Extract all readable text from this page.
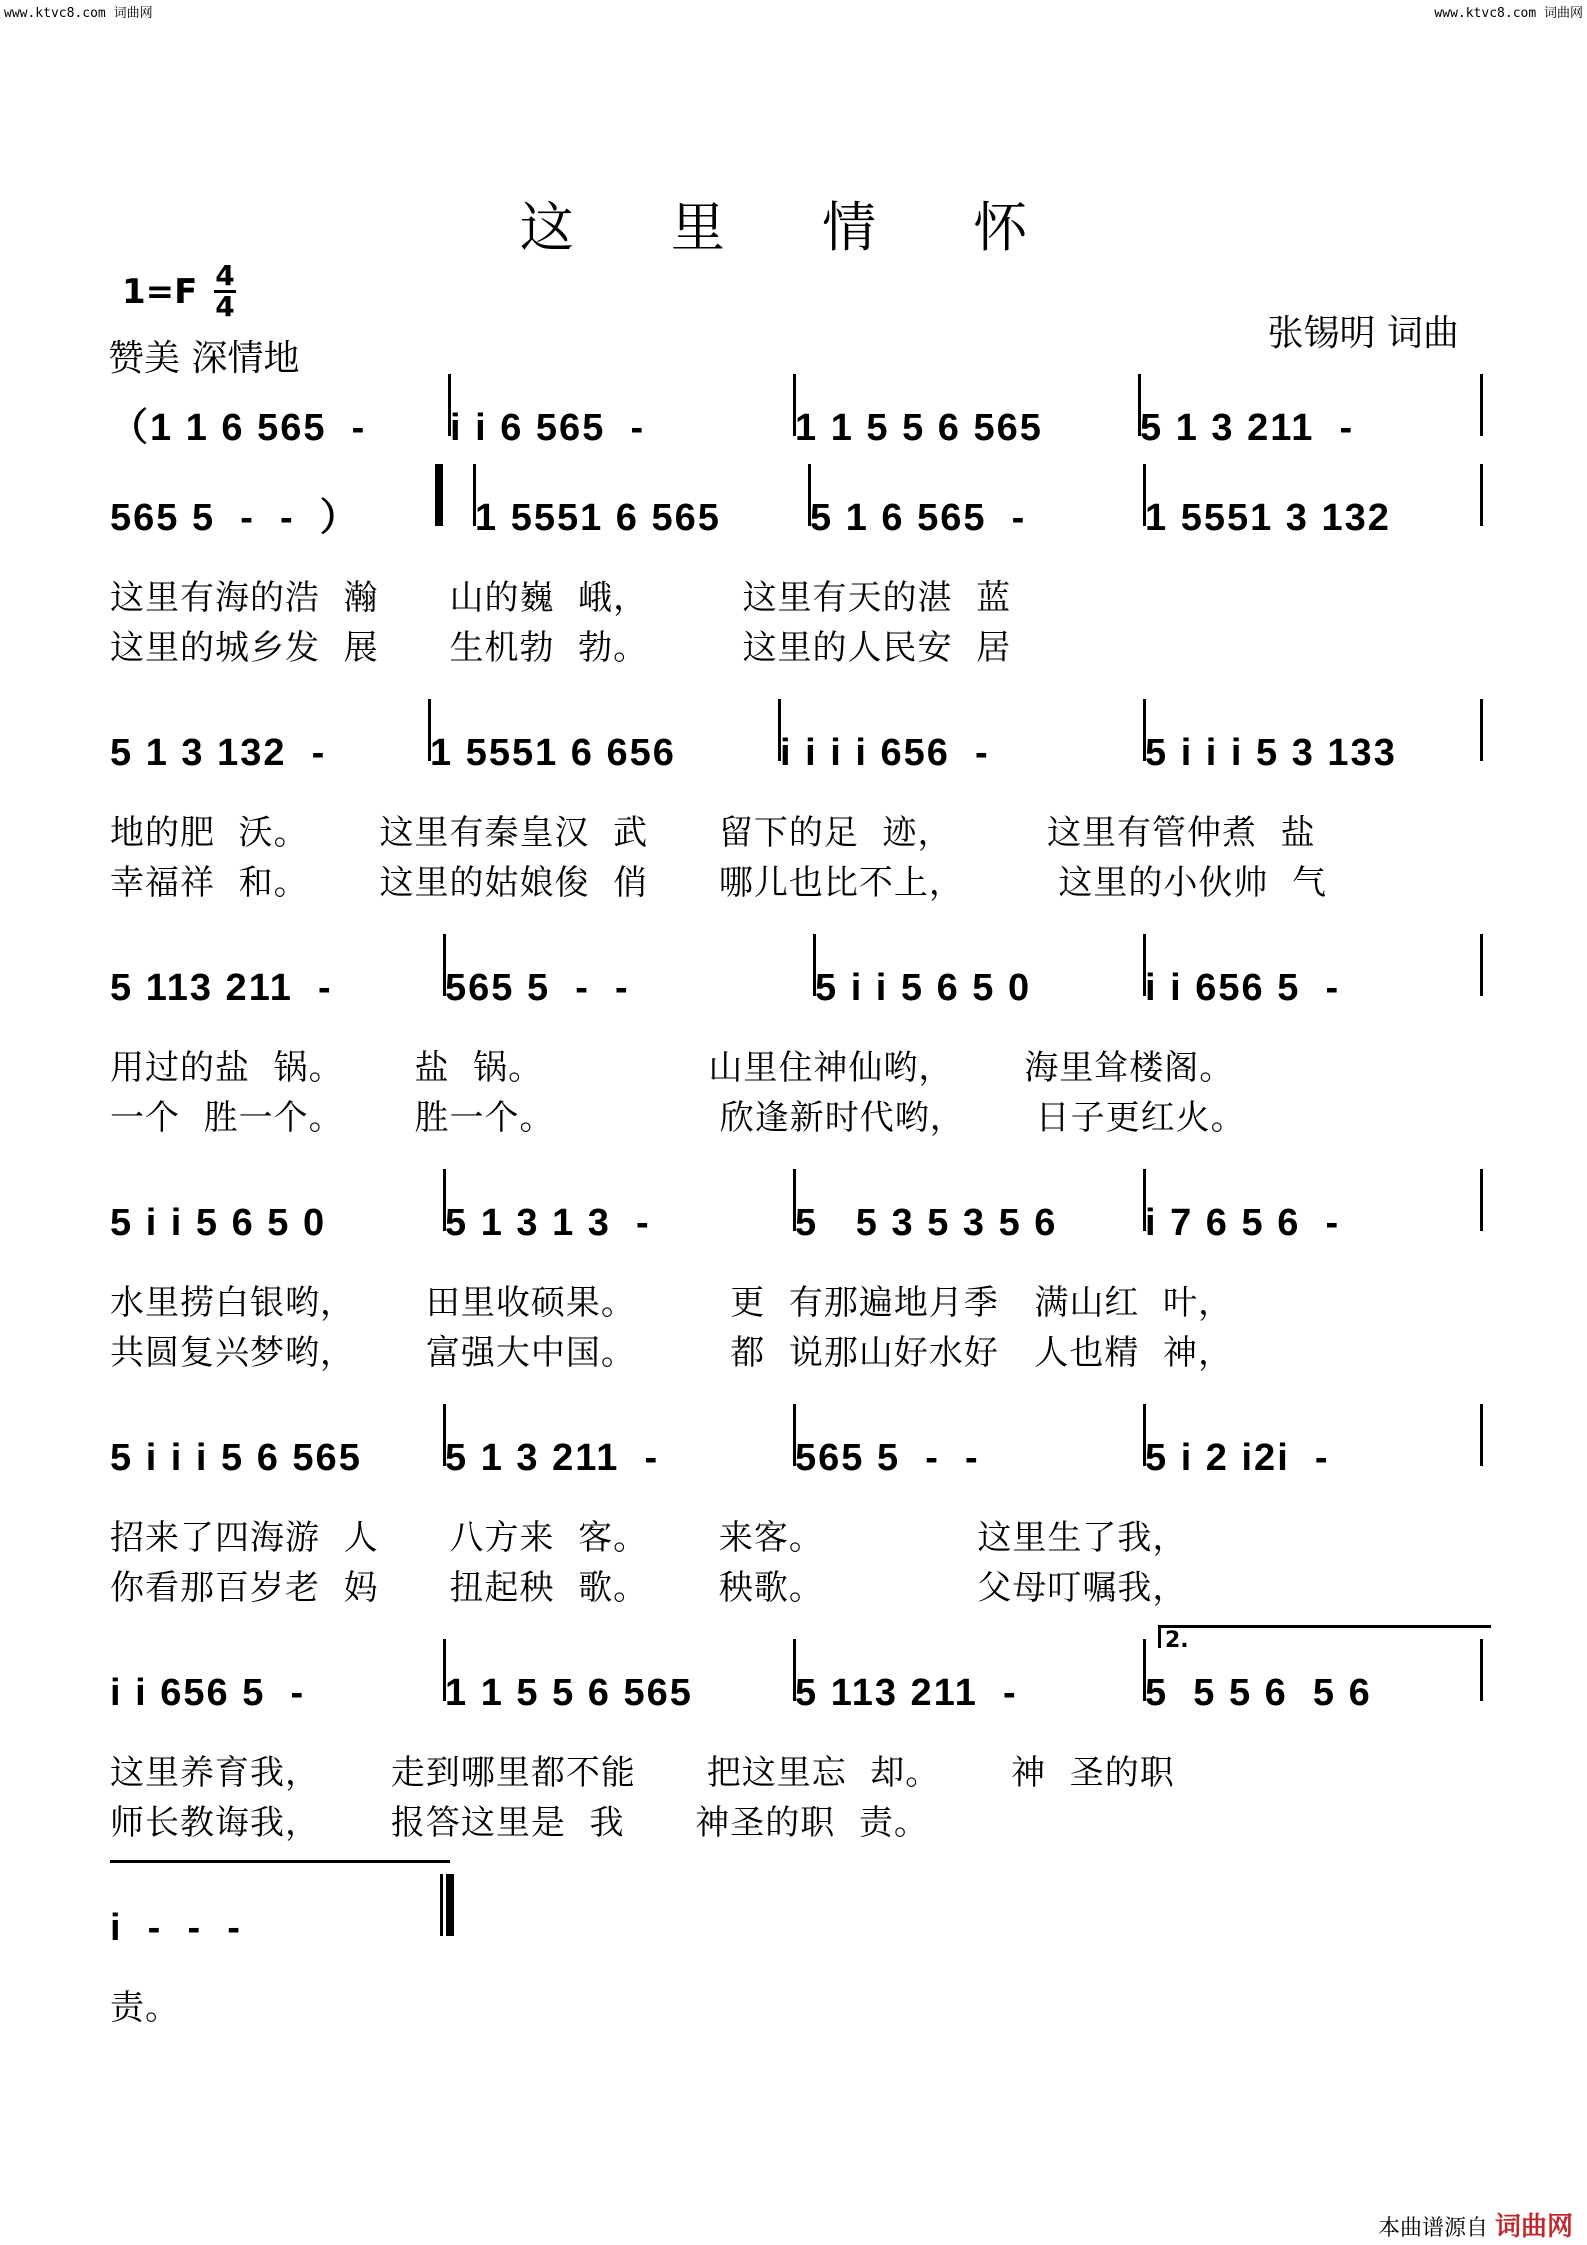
www.ktvc8.com 词曲网	www.ktvc8.com 词曲网
这 里 情 怀
1=F 4
4
赞美 深情地
张锡明 词曲
（1 1 6 565  - i i 6 565  -	1 1 5 5 6 565	5 1 3 211  -
565 5  -  -  ）	1 5551 6 565 5 1 6 565  -	1 5551 3 132
这里有海的浩  瀚      山的巍  峨，        这里有天的湛  蓝
这里的城乡发  展      生机勃  勃。        这里的人民安  居
5 1 3 132  -	1 5551 6 656	i i i i 656  -	5 i i i 5 3 133
地的肥  沃。      这里有秦皇汉  武      留下的足  迹，        这里有管仲煮  盐
幸福祥  和。      这里的姑娘俊  俏      哪儿也比不上，        这里的小伙帅  气
5 113 211  -	565 5  -  -	5 i i 5 6 5 0	i i 656 5  -
用过的盐  锅。      盐  锅。              山里住神仙哟，      海里耸楼阁。
一个  胜一个。      胜一个。              欣逢新时代哟，      日子更红火。
5 i i 5 6 5 0	5 1 3 1 3  -	5   5 3 5 3 5 6 i 7 6 5 6  -
水里捞白银哟，      田里收硕果。        更  有那遍地月季   满山红  叶，
共圆复兴梦哟，      富强大中国。        都  说那山好水好   人也精  神，
5 i i i 5 6 565 5 1 3 211  -	565 5  -  -	5 i 2 i2i  -
招来了四海游  人      八方来  客。      来客。             这里生了我，
你看那百岁老  妈      扭起秧  歌。      秧歌。             父母叮嘱我，
i i 656 5  -	1 1 5 5 6 565	5 113 211  -	5  5 5 6  5 6
这里养育我，      走到哪里都不能      把这里忘  却。      神  圣的职
师长教诲我，      报答这里是  我      神圣的职  责。
i  -  -  -
责。
2.
本曲谱源自 词曲网
